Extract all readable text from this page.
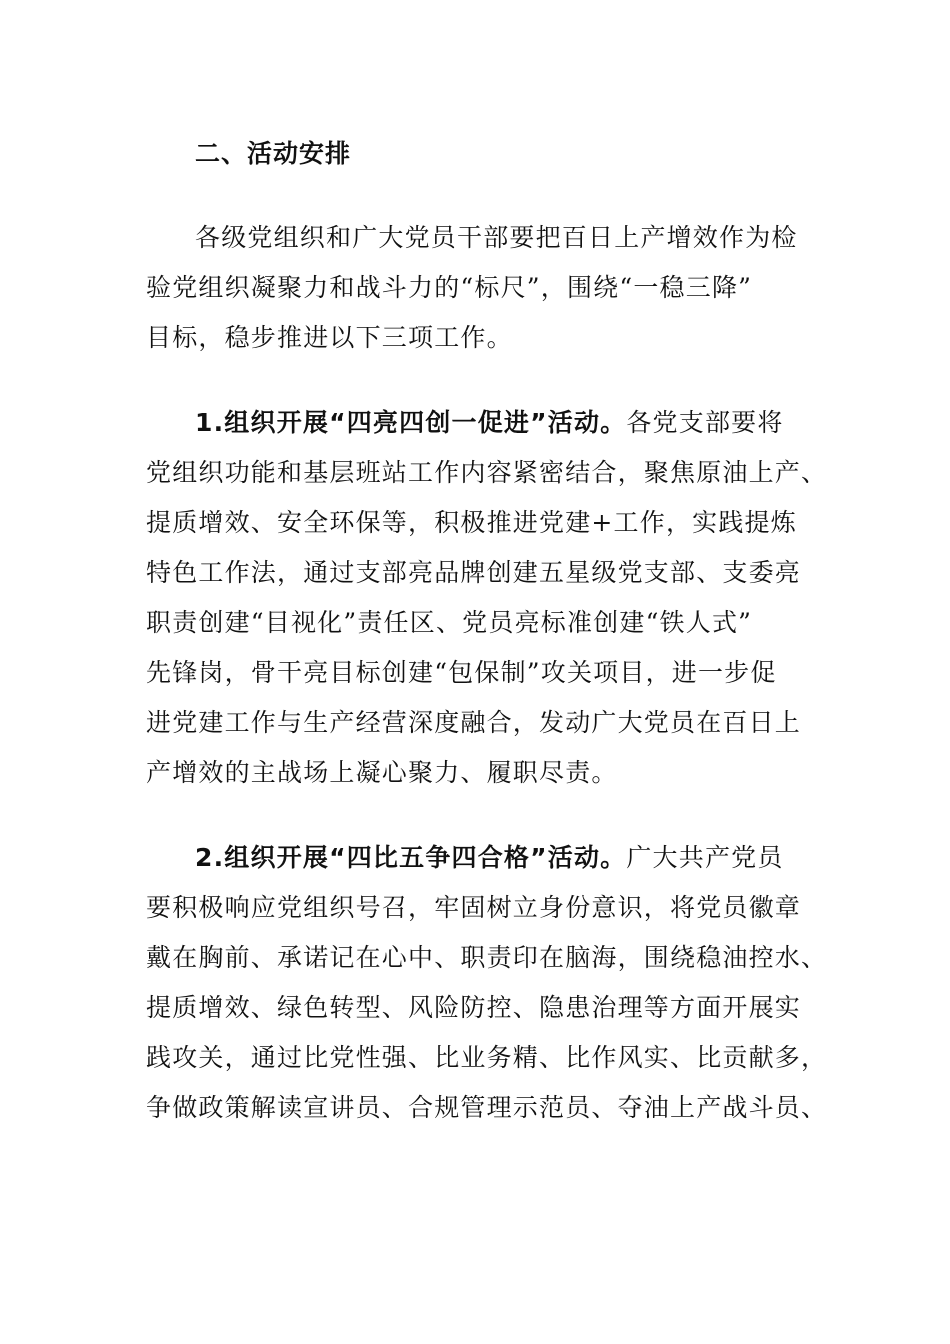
二、活动安排
各级党组织和广大党员干部要把百日上产增效作为检
验党组织凝聚力和战斗力的“标尺”，围绕“一稳三降”
目标，稳步推进以下三项工作。
1.组织开展“四亮四创一促进”活动。各党支部要将
党组织功能和基层班站工作内容紧密结合，聚焦原油上产、
提质增效、安全环保等，积极推进党建+工作，实践提炼
特色工作法，通过支部亮品牌创建五星级党支部、支委亮
职责创建“目视化”责任区、党员亮标准创建“铁人式”
先锋岗，骨干亮目标创建“包保制”攻关项目，进一步促
进党建工作与生产经营深度融合，发动广大党员在百日上
产增效的主战场上凝心聚力、履职尽责。
2.组织开展“四比五争四合格”活动。广大共产党员
要积极响应党组织号召，牢固树立身份意识，将党员徽章
戴在胸前、承诺记在心中、职责印在脑海，围绕稳油控水、
提质增效、绿色转型、风险防控、隐患治理等方面开展实
践攻关，通过比党性强、比业务精、比作风实、比贡献多，
争做政策解读宣讲员、合规管理示范员、夺油上产战斗员、
